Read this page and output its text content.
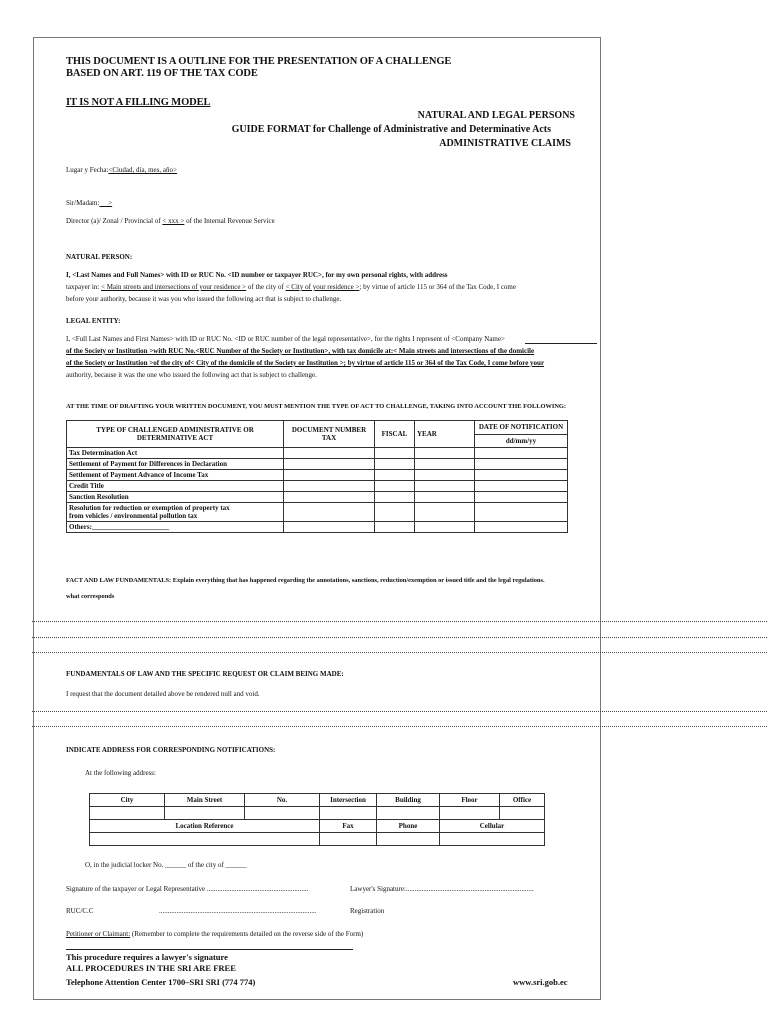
THIS DOCUMENT IS A OUTLINE FOR THE PRESENTATION OF A CHALLENGE
BASED ON ART. 119 OF THE TAX CODE
IT IS NOT A FILLING MODEL
NATURAL AND LEGAL PERSONS
GUIDE FORMAT for Challenge of Administrative and Determinative Acts
ADMINISTRATIVE CLAIMS
Lugar y Fecha:<Ciudad, día, mes, año>
Sir/Madam:     >
Director (a)/ Zonal / Provincial of < xxx > of the Internal Revenue Service
NATURAL PERSON:
I, <Last Names and Full Names> with ID or RUC No. <ID number or taxpayer RUC>, for my own personal rights, with address
taxpayer in: < Main streets and intersections of your residence > of the city of < City of your residence >; by virtue of article 115 or 364 of the Tax Code, I come
before your authority, because it was you who issued the following act that is subject to challenge.
LEGAL ENTITY:
I, <Full Last Names and First Names> with ID or RUC No. <ID or RUC number of the legal representative>, for the rights I represent of <Company Name>
of the Society or Institution >with RUC No.<RUC Number of the Society or Institution>, with tax domicile at:< Main streets and intersections of the domicile
of the Society or Institution >of the city of< City of the domicile of the Society or Institution >; by virtue of article 115 or 364 of the Tax Code, I come before your
authority, because it was the one who issued the following act that is subject to challenge.
AT THE TIME OF DRAFTING YOUR WRITTEN DOCUMENT, YOU MUST MENTION THE TYPE OF ACT TO CHALLENGE, TAKING INTO ACCOUNT THE FOLLOWING:
TYPE OF CHALLENGED ADMINISTRATIVE OR DETERMINATIVE ACT	DOCUMENT NUMBER TAX	FISCAL	YEAR	DATE OF NOTIFICATION
				dd/mm/yy
Tax Determination Act				
Settlement of Payment for Differences in Declaration				
Settlement of Payment Advance of Income Tax				
Credit Title				
Sanction Resolution				
Resolution for reduction or exemption of property tax
from vehicles / environmental pollution tax				
Others:______________________				
FACT AND LAW FUNDAMENTALS: Explain everything that has happened regarding the annotations, sanctions, reduction/exemption or issued title and the legal regulations.
what corresponds
FUNDAMENTALS OF LAW AND THE SPECIFIC REQUEST OR CLAIM BEING MADE:
I request that the document detailed above be rendered null and void.
INDICATE ADDRESS FOR CORRESPONDING NOTIFICATIONS:
At the following address:
City	Main Street	No.	Intersection	Building	Floor	Office

Location Reference			Fax	Phone	Cellular	

O, in the judicial locker No. ______ of the city of ______
Signature of the taxpayer or Legal Representative ..........................................................	Lawyer's Signature:.........................................................................
RUC/C.C	..........................................................................................	Registration
Petitioner or Claimant: (Remember to complete the requirements detailed on the reverse side of the Form)
This procedure requires a lawyer's signature
ALL PROCEDURES IN THE SRI ARE FREE
Telephone Attention Center 1700–SRI SRI (774 774)	www.sri.gob.ec
